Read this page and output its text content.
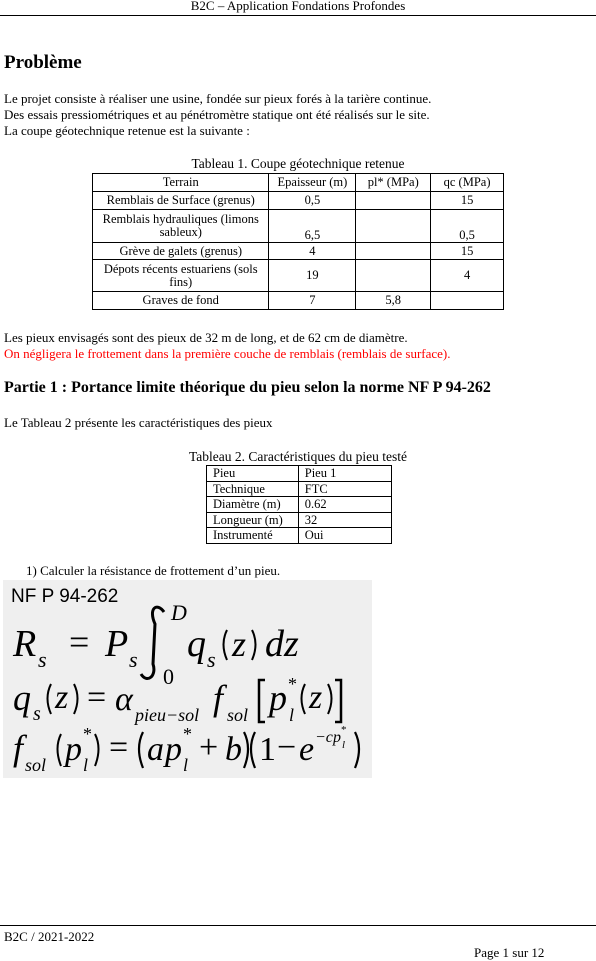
B2C – Application Fondations Profondes
Problème

Le projet consiste à réaliser une usine, fondée sur pieux forés à la tarière continue.

Des essais pressiométriques et au pénétromètre statique ont été réalisés sur le site.

La coupe géotechnique retenue est la suivante :

Tableau 1. Coupe géotechnique retenue
Terrain	Epaisseur (m)	pl* (MPa)	qc (MPa)
Remblais de Surface (grenus)	0,5		15
Remblais hydrauliques (limons sableux)	6,5		0,5
Grève de galets (grenus)	4		15
Dépots récents estuariens (sols fins)	19		4
Graves de fond	7	5,8	

Les pieux envisagés sont des pieux de 32 m de long, et de 62 cm de diamètre.

On négligera le frottement dans la première couche de remblais (remblais de surface).

Partie 1 : Portance limite théorique du pieu selon la norme NF P 94-262

Le Tableau 2 présente les caractéristiques des pieux

Tableau 2. Caractéristiques du pieu testé
Pieu	Pieu 1
Technique	FTC
Diamètre (m)	0.62
Longueur (m)	32
Instrumenté	Oui
1) Calculer la résistance de frottement d’un pieu.
NF P 94-262
R s = P s
D
0
q s z dz
q s z = α pieu−sol f sol p *
l z
f sol p *
l = a p *
l + b 1 − e −c p *
l
B2C / 2021-2022
Page 1 sur 12
